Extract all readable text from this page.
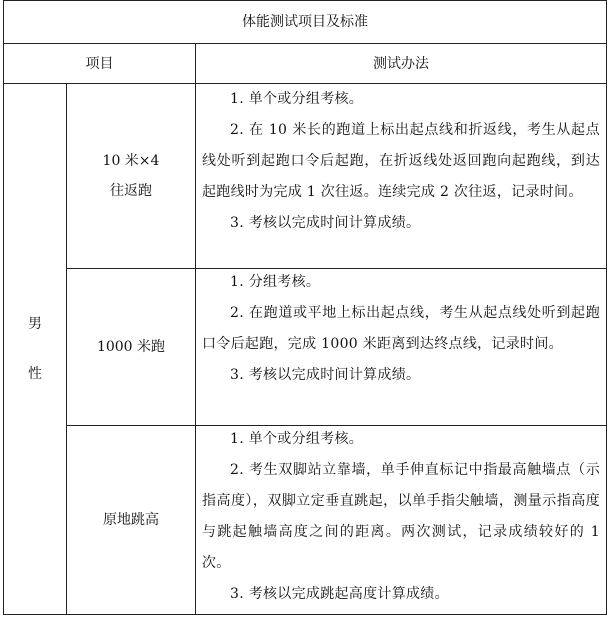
体能测试项目及标准
项目	测试办法
男
性
10 米×4
往返跑

1. 单个或分组考核。

2. 在 10 米长的跑道上标出起点线和折返线，考生从起点线处听到起跑口令后起跑，在折返线处返回跑向起跑线，到达起跑线时为完成 1 次往返。连续完成 2 次往返，记录时间。

3. 考核以完成时间计算成绩。

1000 米跑

1. 分组考核。

2. 在跑道或平地上标出起点线，考生从起点线处听到起跑口令后起跑，完成 1000 米距离到达终点线，记录时间。

3. 考核以完成时间计算成绩。

原地跳高

1. 单个或分组考核。

2. 考生双脚站立靠墙，单手伸直标记中指最高触墙点（示指高度），双脚立定垂直跳起，以单手指尖触墙，测量示指高度与跳起触墙高度之间的距离。两次测试，记录成绩较好的 1 次。

3. 考核以完成跳起高度计算成绩。
